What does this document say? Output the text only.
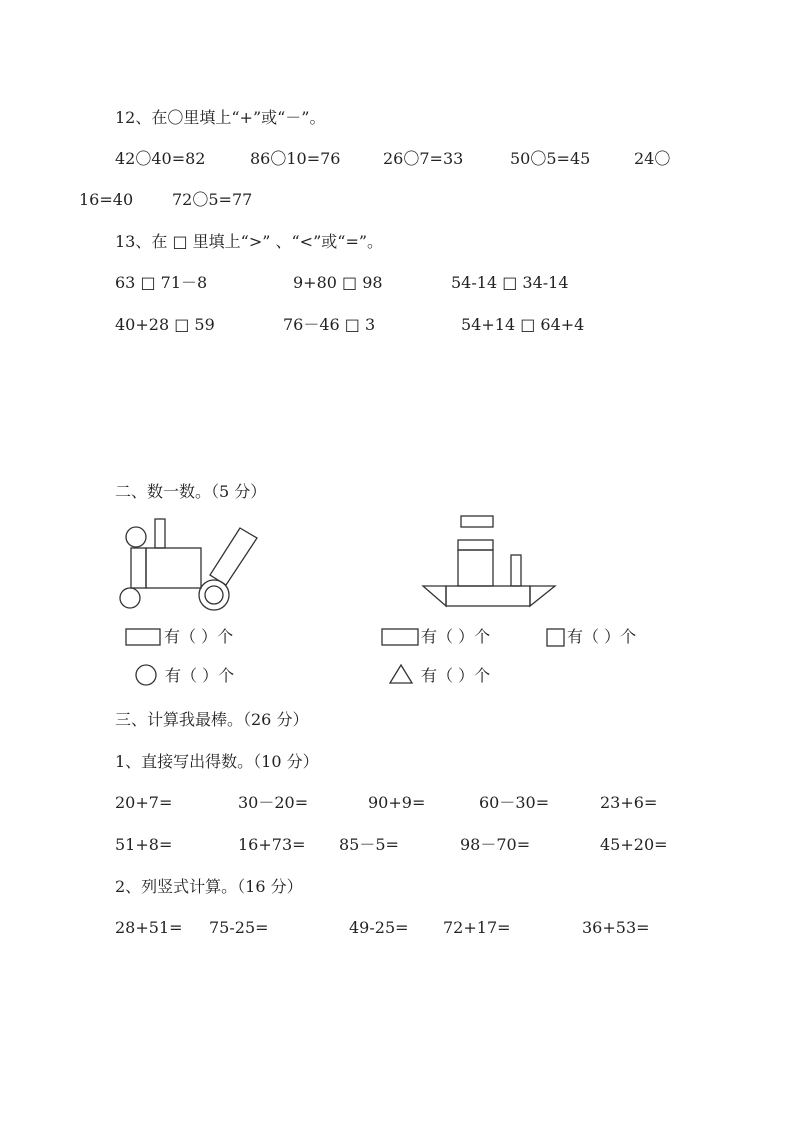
12、在〇里填上“+”或“－”。
42〇40=82	86〇10=76	26〇7=33	50〇5=45	24〇
16=40 72〇5=77
13、在 □ 里填上“>” 、“<”或“=”。
63 □ 71－8	9+80 □ 98	54-14 □ 34-14
40+28 □ 59	76－46 □ 3	54+14 □ 64+4
二、数一数。（5 分）
有（ ）个	有（ ）个	有（ ）个
有（ ）个	有（ ）个
三、计算我最棒。（26 分）
1、直接写出得数。（10 分）
20+7=	30－20=	90+9=	60－30=	23+6=
51+8=	16+73= 85－5=	98－70=	45+20=
2、列竖式计算。（16 分）
28+51= 75-25=	49-25= 72+17=	36+53=
